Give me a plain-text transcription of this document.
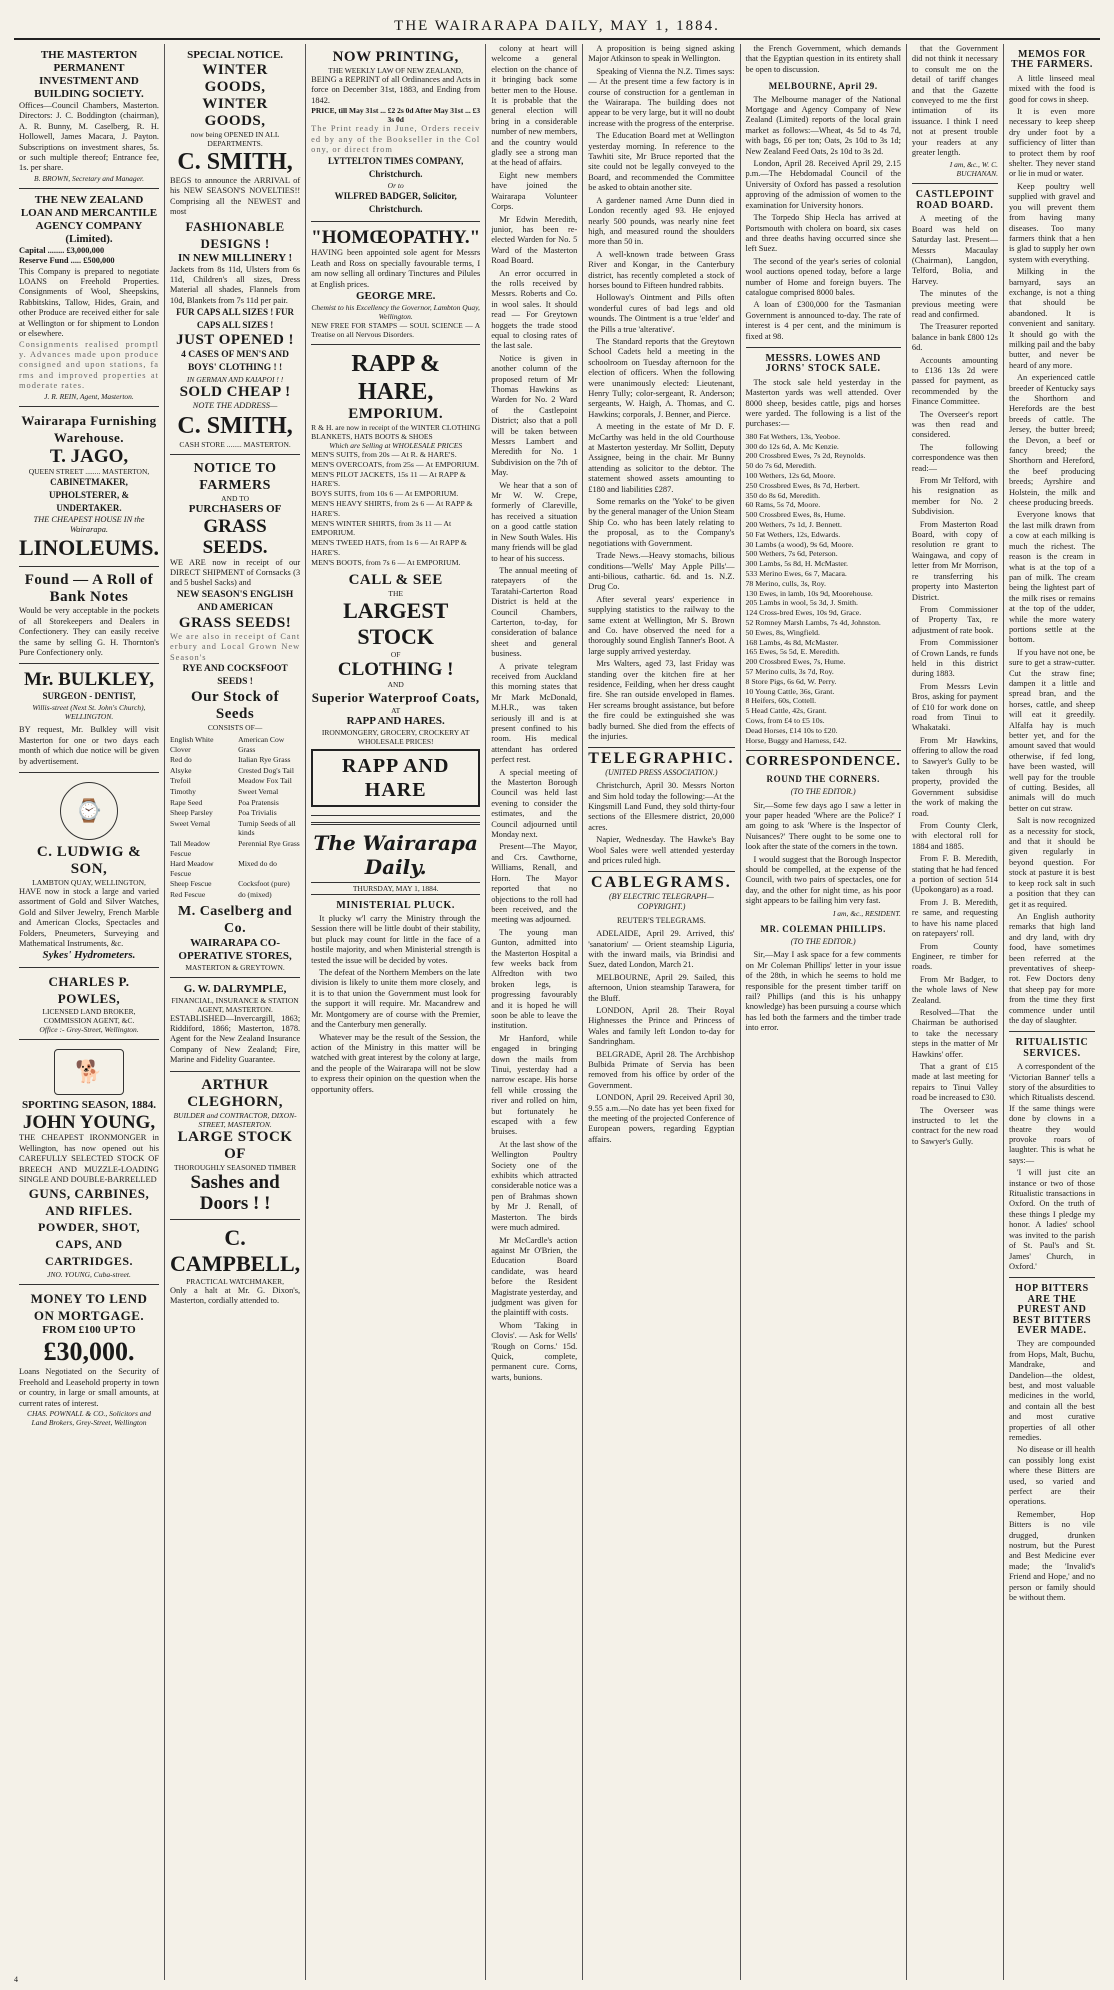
THE WAIRARAPA DAILY, MAY 1, 1884.
THE MASTERTON PERMANENT INVESTMENT AND BUILDING SOCIETY.

Offices—Council Chambers, Masterton. Directors: J. C. Boddington (chairman), A. R. Bunny, M. Caselberg, R. H. Hollowell, James Macara, J. Payton. Subscriptions on investment shares, 5s. or such multiple thereof; Entrance fee, 1s. per share.

B. BROWN, Secretary and Manager.
THE NEW ZEALAND LOAN AND MERCANTILE AGENCY COMPANY (Limited).
Capital ........ £3,000,000
Reserve Fund ..... £500,000

This Company is prepared to negotiate LOANS on Freehold Properties. Consignments of Wool, Sheepskins, Rabbitskins, Tallow, Hides, Grain, and other Produce are received either for sale at Wellington or for shipment to London or elsewhere.

Consignments realised promptly. Advances made upon produce consigned and upon stations, farms and improved properties at moderate rates.

J. R. REIN, Agent, Masterton.
Wairarapa Furnishing Warehouse.
T. JAGO,
QUEEN STREET ........ MASTERTON,
CABINETMAKER, UPHOLSTERER, & UNDERTAKER.
THE CHEAPEST HOUSE IN the Wairarapa.
LINOLEUMS.
Found — A Roll of Bank Notes

Would be very acceptable in the pockets of all Storekeepers and Dealers in Confectionery. They can easily receive the same by selling G. H. Thornton's Pure Confectionery only.

Mr. BULKLEY,
SURGEON - DENTIST,
Willis-street (Next St. John's Church), WELLINGTON.

BY request, Mr. Bulkley will visit Masterton for one or two days each month of which due notice will be given by advertisement.

⌚
C. LUDWIG & SON,
LAMBTON QUAY, WELLINGTON,

HAVE now in stock a large and varied assortment of Gold and Silver Watches, Gold and Silver Jewelry, French Marble and American Clocks, Spectacles and Folders, Pneumeters, Surveying and Mathematical Instruments, &c.

Sykes' Hydrometers.
CHARLES P. POWLES,
LICENSED LAND BROKER, COMMISSION AGENT, &C.
Office :- Grey-Street, Wellington.
🐕
SPORTING SEASON, 1884.
JOHN YOUNG,

THE CHEAPEST IRONMONGER in Wellington, has now opened out his CAREFULLY SELECTED STOCK OF BREECH AND MUZZLE-LOADING SINGLE AND DOUBLE-BARRELLED

GUNS, CARBINES, AND RIFLES.
POWDER, SHOT, CAPS, AND CARTRIDGES.
JNO. YOUNG, Cuba-street.
MONEY TO LEND ON MORTGAGE.
FROM £100 UP TO
£30,000.

Loans Negotiated on the Security of Freehold and Leasehold property in town or country, in large or small amounts, at current rates of interest.

CHAS. POWNALL & CO., Solicitors and Land Brokers, Grey-Street, Wellington
SPECIAL NOTICE.
WINTER GOODS, WINTER GOODS,
now being OPENED IN ALL DEPARTMENTS.
C. SMITH,

BEGS to announce the ARRIVAL of his NEW SEASON'S NOVELTIES!! Comprising all the NEWEST and most

FASHIONABLE DESIGNS !
IN NEW MILLINERY !

Jackets from 8s 11d, Ulsters from 6s 11d, Children's all sizes, Dress Material all shades, Flannels from 10d, Blankets from 7s 11d per pair.

FUR CAPS ALL SIZES ! FUR CAPS ALL SIZES !
JUST OPENED !
4 CASES OF MEN'S AND BOYS' CLOTHING ! !
IN GERMAN AND KAIAPOI ! !
SOLD CHEAP !
NOTE THE ADDRESS—
C. SMITH,
CASH STORE ........ MASTERTON.
NOTICE TO FARMERS
AND TO
PURCHASERS OF
GRASS SEEDS.

WE ARE now in receipt of our DIRECT SHIPMENT of Cornsacks (3 and 5 bushel Sacks) and

NEW SEASON'S ENGLISH AND AMERICAN
GRASS SEEDS!

We are also in receipt of Canterbury and Local Grown New Season's

RYE AND COCKSFOOT SEEDS !
Our Stock of Seeds
CONSISTS OF—
English White Clover
American Cow Grass
Red do	Italian Rye Grass
Alsyke	Crested Dog's Tail
Trefoil	Meadow Fox Tail
Timothy	Sweet Vernal
Rape Seed	Poa Pratensis
Sheep Parsley	Poa Trivialis
Sweet Vernal	Turnip Seeds of all kinds
Tall Meadow Fescue
Perennial Rye Grass
Hard Meadow Fescue
Mixed do do
Sheep Fescue	Cocksfoot (pure)
Red Fescue	do (mixed)
M. Caselberg and Co.
WAIRARAPA CO-OPERATIVE STORES,
MASTERTON & GREYTOWN.
G. W. DALRYMPLE,
FINANCIAL, INSURANCE & STATION AGENT, MASTERTON.

ESTABLISHED—Invercargill, 1863; Riddiford, 1866; Masterton, 1878. Agent for the New Zealand Insurance Company of New Zealand; Fire, Marine and Fidelity Guarantee.

ARTHUR CLEGHORN,
BUILDER and CONTRACTOR, DIXON-STREET, MASTERTON.
LARGE STOCK OF
THOROUGHLY SEASONED TIMBER
Sashes and Doors ! !
C. CAMPBELL,
PRACTICAL WATCHMAKER,

Only a halt at Mr. G. Dixon's, Masterton, cordially attended to.

NOW PRINTING,
THE WEEKLY LAW OF NEW ZEALAND,

BEING a REPRINT of all Ordinances and Acts in force on December 31st, 1883, and Ending from 1842.

PRICE, till May 31st ... £2 2s 0d After May 31st ... £3 3s 0d

The Print ready in June, Orders received by any of the Bookseller in the Colony, or direct from

LYTTELTON TIMES COMPANY, Christchurch.
Or to
WILFRED BADGER, Solicitor, Christchurch.
"HOMŒOPATHY."

HAVING been appointed sole agent for Messrs Leath and Ross on specially favourable terms, I am now selling all ordinary Tinctures and Pilules at English prices.

GEORGE MRE.
Chemist to his Excellency the Governor, Lambton Quay, Wellington.

NEW FREE FOR STAMPS — SOUL SCIENCE — A Treatise on all Nervous Disorders.

RAPP & HARE,
EMPORIUM.

R & H. are now in receipt of the WINTER CLOTHING BLANKETS, HATS BOOTS & SHOES

Which are Selling at WHOLESALE PRICES
MEN'S SUITS, from 20s — At R. & HARE'S.
MEN'S OVERCOATS, from 25s — At EMPORIUM.
MEN'S PILOT JACKETS, 15s 11 — At RAPP & HARE'S.
BOYS SUITS, from 10s 6 — At EMPORIUM.
MEN'S HEAVY SHIRTS, from 2s 6 — At RAPP & HARE'S.
MEN'S WINTER SHIRTS, from 3s 11 — At EMPORIUM.
MEN'S TWEED HATS, from 1s 6 — At RAPP & HARE'S.
MEN'S BOOTS, from 7s 6 — At EMPORIUM.
CALL & SEE
THE
LARGEST STOCK
OF
CLOTHING !
AND
Superior Waterproof Coats,
AT
RAPP AND HARES.
IRONMONGERY, GROCERY, CROCKERY AT WHOLESALE PRICES!
RAPP AND HARE
The Wairarapa Daily.
THURSDAY, MAY 1, 1884.
MINISTERIAL PLUCK.

It plucky w'l carry the Ministry through the Session there will be little doubt of their stability, but pluck may count for little in the face of a hostile majority, and when Ministerial strength is tested the issue will be decided by votes.

The defeat of the Northern Members on the late division is likely to unite them more closely, and it is to that union the Government must look for the support it will require. Mr. Macandrew and Mr. Montgomery are of course with the Premier, and the Canterbury men generally.

Whatever may be the result of the Session, the action of the Ministry in this matter will be watched with great interest by the colony at large, and the people of the Wairarapa will not be slow to express their opinion on the question when the opportunity offers.

colony at heart will welcome a general election on the chance of it bringing back some better men to the House. It is probable that the general election will bring in a considerable number of new members, and the country would gladly see a strong man at the head of affairs.

Eight new members have joined the Wairarapa Volunteer Corps.

Mr Edwin Meredith, junior, has been re-elected Warden for No. 5 Ward of the Masterton Road Board.

An error occurred in the rolls received by Messrs. Roberts and Co. in wool sales. It should read — For Greytown hoggets the trade stood equal to closing rates of the last sale.

Notice is given in another column of the proposed return of Mr Thomas Hawkins as Warden for No. 2 Ward of the Castlepoint District; also that a poll will be taken between Messrs Lambert and Meredith for No. 1 Subdivision on the 7th of May.

We hear that a son of Mr W. W. Crepe, formerly of Clareville, has received a situation on a good cattle station in New South Wales. His many friends will be glad to hear of his success.

The annual meeting of ratepayers of the Taratahi-Carterton Road District is held at the Council Chambers, Carterton, to-day, for consideration of balance sheet and general business.

A private telegram received from Auckland this morning states that Mr Mark McDonald, M.H.R., was taken seriously ill and is at present confined to his room. His medical attendant has ordered perfect rest.

A special meeting of the Masterton Borough Council was held last evening to consider the estimates, and the Council adjourned until Monday next.

Present—The Mayor, and Crs. Cawthorne, Williams, Renall, and Horn. The Mayor reported that no objections to the roll had been received, and the meeting was adjourned.

The young man Gunton, admitted into the Masterton Hospital a few weeks back from Alfredton with two broken legs, is progressing favourably and it is hoped he will soon be able to leave the institution.

Mr Hanford, while engaged in bringing down the mails from Tinui, yesterday had a narrow escape. His horse fell while crossing the river and rolled on him, but fortunately he escaped with a few bruises.

At the last show of the Wellington Poultry Society one of the exhibits which attracted considerable notice was a pen of Brahmas shown by Mr J. Renall, of Masterton. The birds were much admired.

Mr McCardle's action against Mr O'Brien, the Education Board candidate, was heard before the Resident Magistrate yesterday, and judgment was given for the plaintiff with costs.

Whom 'Taking in Clovis'. — Ask for Wells' 'Rough on Corns.' 15d. Quick, complete, permanent cure. Corns, warts, bunions.

A proposition is being signed asking Major Atkinson to speak in Wellington.

Speaking of Vienna the N.Z. Times says:— At the present time a few factory is in course of construction for a gentleman in the Wairarapa. The building does not appear to be very large, but it will no doubt increase with the progress of the enterprise.

The Education Board met at Wellington yesterday morning. In reference to the Tawhiti site, Mr Bruce reported that the site could not be legally conveyed to the Board, and recommended the Committee be asked to obtain another site.

A gardener named Arne Dunn died in London recently aged 93. He enjoyed nearly 500 pounds, was nearly nine feet high, and measured round the shoulders more than 50 in.

A well-known trade between Grass River and Kongar, in the Canterbury district, has recently completed a stock of horses bound to Fifteen hundred rabbits.

Holloway's Ointment and Pills often wonderful cures of bad legs and old wounds. The Ointment is a true 'elder' and the Pills a true 'alterative'.

The Standard reports that the Greytown School Cadets held a meeting in the schoolroom on Tuesday afternoon for the election of officers. When the following were unanimously elected: Lieutenant, Henry Tully; color-sergeant, R. Anderson; sergeants, W. Haigh, A. Thomas, and C. Hawkins; corporals, J. Benner, and Pierce.

A meeting in the estate of Mr D. F. McCarthy was held in the old Courthouse at Masterton yesterday. Mr Sollitt, Deputy Assignee, being in the chair. Mr Bunny attending as solicitor to the debtor. The statement showed assets amounting to £180 and liabilities £287.

Some remarks on the 'Yoke' to be given by the general manager of the Union Steam Ship Co. who has been lately relating to the proposal, as to the Company's negotiations with Government.

Trade News.—Heavy stomachs, bilious conditions—'Wells' May Apple Pills'—anti-bilious, cathartic. 6d. and 1s. N.Z. Drug Co.

After several years' experience in supplying statistics to the railway to the same extent at Wellington, Mr S. Brown and Co. have observed the need for a thoroughly sound English Tanner's Boot. A large supply arrived yesterday.

Mrs Walters, aged 73, last Friday was standing over the kitchen fire at her residence, Feilding, when her dress caught fire. She ran outside enveloped in flames. Her screams brought assistance, but before the fire could be extinguished she was badly burned. She died from the effects of the injuries.

TELEGRAPHIC.
(UNITED PRESS ASSOCIATION.)

Christchurch, April 30. Messrs Norton and Sim hold today the following:—At the Kingsmill Land Fund, they sold thirty-four sections of the Ellesmere district, 20,000 acres.

Napier, Wednesday. The Hawke's Bay Wool Sales were well attended yesterday and prices ruled high.

CABLEGRAMS.
(BY ELECTRIC TELEGRAPH—COPYRIGHT.)
REUTER'S TELEGRAMS.

ADELAIDE, April 29. Arrived, this' 'sanatorium' — Orient steamship Liguria, with the inward mails, via Brindisi and Suez, dated London, March 21.

MELBOURNE, April 29. Sailed, this afternoon, Union steamship Tarawera, for the Bluff.

LONDON, April 28. Their Royal Highnesses the Prince and Princess of Wales and family left London to-day for Sandringham.

BELGRADE, April 28. The Archbishop Bulbida Primate of Servia has been removed from his office by order of the Government.

LONDON, April 29. Received April 30, 9.55 a.m.—No date has yet been fixed for the meeting of the projected Conference of European powers, regarding Egyptian affairs.

the French Government, which demands that the Egyptian question in its entirety shall be open to discussion.

MELBOURNE, April 29.

The Melbourne manager of the National Mortgage and Agency Company of New Zealand (Limited) reports of the local grain market as follows:—Wheat, 4s 5d to 4s 7d, with bags, £6 per ton; Oats, 2s 10d to 3s 1d; New Zealand Feed Oats, 2s 10d to 3s 2d.

London, April 28. Received April 29, 2.15 p.m.—The Hebdomadal Council of the University of Oxford has passed a resolution approving of the admission of women to the examination for University honors.

The Torpedo Ship Hecla has arrived at Portsmouth with cholera on board, six cases and three deaths having occurred since she left Suez.

The second of the year's series of colonial wool auctions opened today, before a large number of Home and foreign buyers. The catalogue comprised 8000 bales.

A loan of £300,000 for the Tasmanian Government is announced to-day. The rate of interest is 4 per cent, and the minimum is fixed at 98.

MESSRS. LOWES AND JORNS' STOCK SALE.

The stock sale held yesterday in the Masterton yards was well attended. Over 8000 sheep, besides cattle, pigs and horses were yarded. The following is a list of the purchases:—

380 Fat Wethers, 13s, Yeoboe.
300 do 12s 6d, A. Mc Kenzie.
200 Crossbred Ewes, 7s 2d, Reynolds.
50 do 7s 6d, Meredith.
100 Wethers, 12s 6d, Moore.
250 Crossbred Ewes, 8s 7d, Herbert.
350 do 8s 6d, Meredith.
60 Rams, 5s 7d, Moore.
500 Crossbred Ewes, 8s, Hume.
200 Wethers, 7s 1d, J. Bennett.
50 Fat Wethers, 12s, Edwards.
30 Lambs (a wood), 9s 6d, Moore.
500 Wethers, 7s 6d, Peterson.
300 Lambs, 5s 8d, H. McMaster.
533 Merino Ewes, 6s 7, Macara.
78 Merino, culls, 3s, Roy.
130 Ewes, in lamb, 10s 9d, Moorehouse.
205 Lambs in wool, 5s 3d, J. Smith.
124 Cross-bred Ewes, 10s 9d, Grace.
52 Romney Marsh Lambs, 7s 4d, Johnston.
50 Ewes, 8s, Wingfield.
168 Lambs, 4s 8d, McMaster.
165 Ewes, 5s 5d, E. Meredith.
200 Crossbred Ewes, 7s, Hume.
57 Merino culls, 3s 7d, Roy.
8 Store Pigs, 6s 6d, W. Perry.
10 Young Cattle, 36s, Grant.
8 Heifers, 60s, Cottell.
5 Head Cattle, 42s, Grant.
Cows, from £4 to £5 10s.
Dead Horses, £14 10s to £20.
Horse, Buggy and Harness, £42.
CORRESPONDENCE.
ROUND THE CORNERS.
(TO THE EDITOR.)

Sir,—Some few days ago I saw a letter in your paper headed 'Where are the Police?' I am going to ask 'Where is the Inspector of Nuisances?' There ought to be some one to look after the state of the corners in the town.

I would suggest that the Borough Inspector should be compelled, at the expense of the Council, with two pairs of spectacles, one for day, and the other for night time, as his poor sight appears to be failing him very fast.

I am, &c., RESIDENT.
MR. COLEMAN PHILLIPS.
(TO THE EDITOR.)

Sir,—May I ask space for a few comments on Mr Coleman Phillips' letter in your issue of the 28th, in which he seems to hold me responsible for the present timber tariff on rail? Phillips (and this is his unhappy knowledge) has been pursuing a course which has led both the farmers and the timber trade into error.

that the Government did not think it necessary to consult me on the detail of tariff changes and that the Gazette conveyed to me the first intimation of its issuance. I think I need not at present trouble your readers at any greater length.

I am, &c., W. C. BUCHANAN.
CASTLEPOINT ROAD BOARD.

A meeting of the Board was held on Saturday last. Present—Messrs Macaulay (Chairman), Langdon, Telford, Bolia, and Harvey.

The minutes of the previous meeting were read and confirmed.

The Treasurer reported balance in bank £800 12s 6d.

Accounts amounting to £136 13s 2d were passed for payment, as recommended by the Finance Committee.

The Overseer's report was then read and considered.

The following correspondence was then read:—

From Mr Telford, with his resignation as member for No. 2 Subdivision.

From Masterton Road Board, with copy of resolution re grant to Waingawa, and copy of letter from Mr Morrison, re transferring his property into Masterton District.

From Commissioner of Property Tax, re adjustment of rate book.

From Commissioner of Crown Lands, re funds held in this district during 1883.

From Messrs Levin Bros, asking for payment of £10 for work done on road from Tinui to Whakataki.

From Mr Hawkins, offering to allow the road to Sawyer's Gully to be taken through his property, provided the Government subsidise the work of making the road.

From County Clerk, with electoral roll for 1884 and 1885.

From F. B. Meredith, stating that he had fenced a portion of section 514 (Upokongaro) as a road.

From J. B. Meredith, re same, and requesting to have his name placed on ratepayers' roll.

From County Engineer, re timber for roads.

From Mr Badger, to the whole laws of New Zealand.

Resolved—That the Chairman be authorised to take the necessary steps in the matter of Mr Hawkins' offer.

That a grant of £15 made at last meeting for repairs to Tinui Valley road be increased to £30.

The Overseer was instructed to let the contract for the new road to Sawyer's Gully.

MEMOS FOR THE FARMERS.

A little linseed meal mixed with the food is good for cows in sheep.

It is even more necessary to keep sheep dry under foot by a sufficiency of litter than to protect them by roof shelter. They never stand or lie in mud or water.

Keep poultry well supplied with gravel and you will prevent them from having many diseases. Too many farmers think that a hen is glad to supply her own system with everything.

Milking in the barnyard, says an exchange, is not a thing that should be abandoned. It is convenient and sanitary. It should go with the milking pail and the baby butter, and never be heard of any more.

An experienced cattle breeder of Kentucky says the Shorthorn and Herefords are the best breeds of cattle. The Jersey, the butter breed; the Devon, a beef or fancy breed; the Shorthorn and Hereford, the beef producing breeds; Ayrshire and Holstein, the milk and cheese producing breeds.

Everyone knows that the last milk drawn from a cow at each milking is much the richest. The reason is the cream in what is at the top of a pan of milk. The cream being the lightest part of the milk rises or remains at the top of the udder, while the more watery portions settle at the bottom.

If you have not one, be sure to get a straw-cutter. Cut the straw fine; dampen it a little and spread bran, and the horses, cattle, and sheep will eat it greedily. Alfalfa hay is much better yet, and for the amount saved that would otherwise, if fed long, have been wasted, will well pay for the trouble of cutting. Besides, all animals will do much better on cut straw.

Salt is now recognized as a necessity for stock, and that it should be given regularly in beyond question. For stock at pasture it is best to keep rock salt in such a position that they can get it as required.

An English authority remarks that high land and dry land, with dry food, have sometimes been referred at the preventatives of sheep-rot. Few Doctors deny that sheep pay for more from the time they first commence under until the day of slaughter.

RITUALISTIC SERVICES.

A correspondent of the 'Victorian Banner' tells a story of the absurdities to which Ritualists descend. If the same things were done by clowns in a theatre they would provoke roars of laughter. This is what he says:—

'I will just cite an instance or two of those Ritualistic transactions in Oxford. On the truth of these things I pledge my honor. A ladies' school was invited to the parish of St. Paul's and St. James' Church, in Oxford.'

HOP BITTERS ARE THE PUREST AND BEST BITTERS EVER MADE.

They are compounded from Hops, Malt, Buchu, Mandrake, and Dandelion—the oldest, best, and most valuable medicines in the world, and contain all the best and most curative properties of all other remedies.

No disease or ill health can possibly long exist where these Bitters are used, so varied and perfect are their operations.

Remember, Hop Bitters is no vile drugged, drunken nostrum, but the Purest and Best Medicine ever made; the 'Invalid's Friend and Hope,' and no person or family should be without them.

4
